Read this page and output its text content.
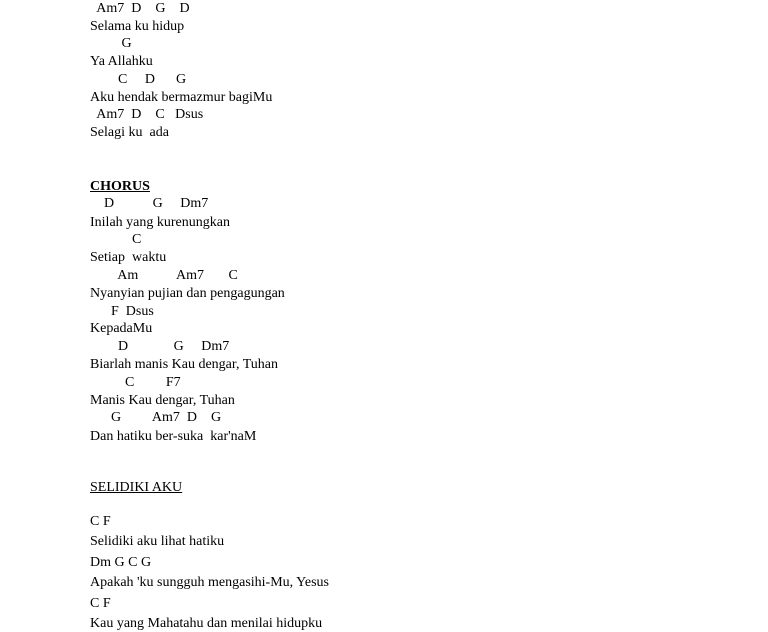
Am7  D    G    D
Selama ku hidup
G
Ya Allahku
C     D      G
Aku hendak bermazmur bagiMu
Am7  D    C   Dsus
Selagi ku  ada
CHORUS
D           G     Dm7
Inilah yang kurenungkan
C
Setiap  waktu
Am           Am7       C
Nyanyian pujian dan pengagungan
F  Dsus
KepadaMu
D             G     Dm7
Biarlah manis Kau dengar, Tuhan
C         F7
Manis Kau dengar, Tuhan
G         Am7  D    G
Dan hatiku ber-suka  kar'naM
SELIDIKI AKU
C F
Selidiki aku lihat hatiku
Dm G C G
Apakah 'ku sungguh mengasihi-Mu, Yesus
C F
Kau yang Mahatahu dan menilai hidupku
